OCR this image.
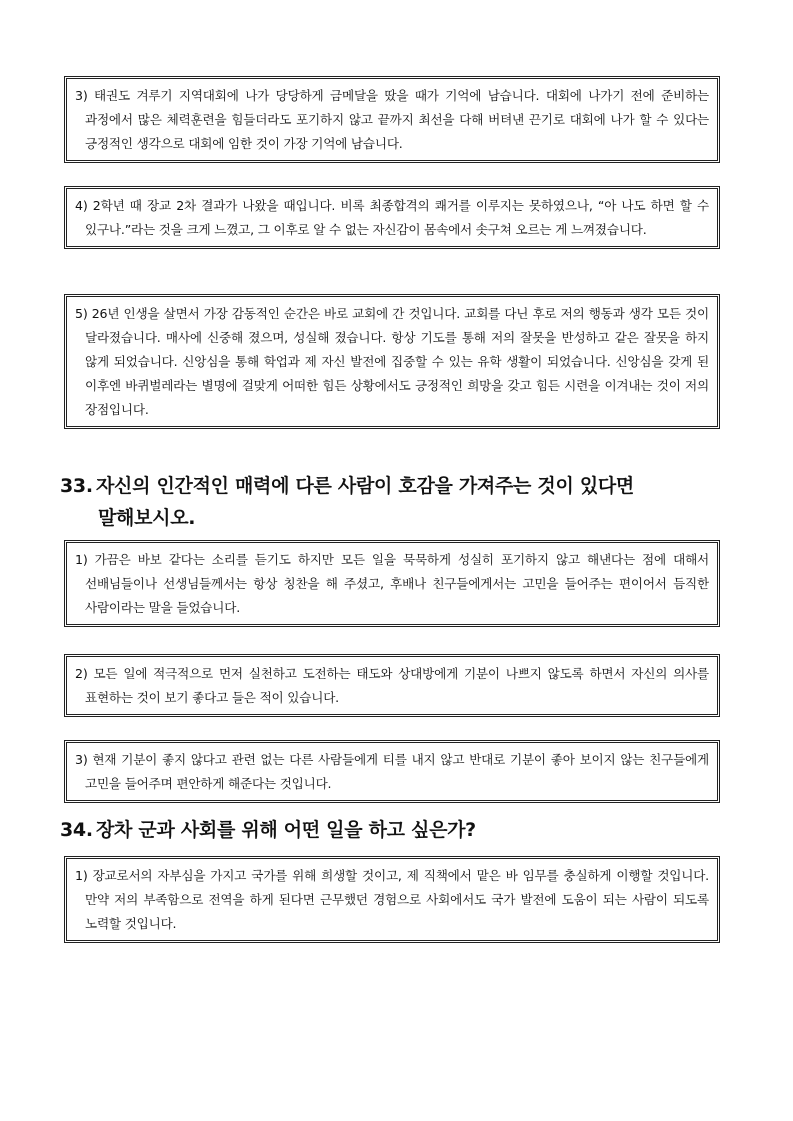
3) 태권도 겨루기 지역대회에 나가 당당하게 금메달을 땄을 때가 기억에 남습니다. 대회에 나가기 전에 준비하는 과정에서 많은 체력훈련을 힘들더라도 포기하지 않고 끝까지 최선을 다해 버텨낸 끈기로 대회에 나가 할 수 있다는 긍정적인 생각으로 대회에 임한 것이 가장 기억에 남습니다.
4) 2학년 때 장교 2차 결과가 나왔을 때입니다. 비록 최종합격의 쾌거를 이루지는 못하였으나, “아 나도 하면 할 수 있구나.”라는 것을 크게 느꼈고, 그 이후로 알 수 없는 자신감이 몸속에서 솟구쳐 오르는 게 느껴졌습니다.
5) 26년 인생을 살면서 가장 감동적인 순간은 바로 교회에 간 것입니다. 교회를 다닌 후로 저의 행동과 생각 모든 것이 달라졌습니다. 매사에 신중해 졌으며, 성실해 졌습니다. 항상 기도를 통해 저의 잘못을 반성하고 같은 잘못을 하지 않게 되었습니다. 신앙심을 통해 학업과 제 자신 발전에 집중할 수 있는 유학 생활이 되었습니다. 신앙심을 갖게 된 이후엔 바퀴벌레라는 별명에 걸맞게 어떠한 힘든 상황에서도 긍정적인 희망을 갖고 힘든 시련을 이겨내는 것이 저의 장점입니다.
33. 자신의 인간적인 매력에 다른 사람이 호감을 가져주는 것이 있다면
말해보시오.
1) 가끔은 바보 같다는 소리를 듣기도 하지만 모든 일을 묵묵하게 성실히 포기하지 않고 해낸다는 점에 대해서 선배님들이나 선생님들께서는 항상 칭찬을 해 주셨고, 후배나 친구들에게서는 고민을 들어주는 편이어서 듬직한 사람이라는 말을 들었습니다.
2) 모든 일에 적극적으로 먼저 실천하고 도전하는 태도와 상대방에게 기분이 나쁘지 않도록 하면서 자신의 의사를 표현하는 것이 보기 좋다고 들은 적이 있습니다.
3) 현재 기분이 좋지 않다고 관련 없는 다른 사람들에게 티를 내지 않고 반대로 기분이 좋아 보이지 않는 친구들에게 고민을 들어주며 편안하게 해준다는 것입니다.
34. 장차 군과 사회를 위해 어떤 일을 하고 싶은가?
1) 장교로서의 자부심을 가지고 국가를 위해 희생할 것이고, 제 직책에서 맡은 바 임무를 충실하게 이행할 것입니다. 만약 저의 부족함으로 전역을 하게 된다면 근무했던 경험으로 사회에서도 국가 발전에 도움이 되는 사람이 되도록 노력할 것입니다.
